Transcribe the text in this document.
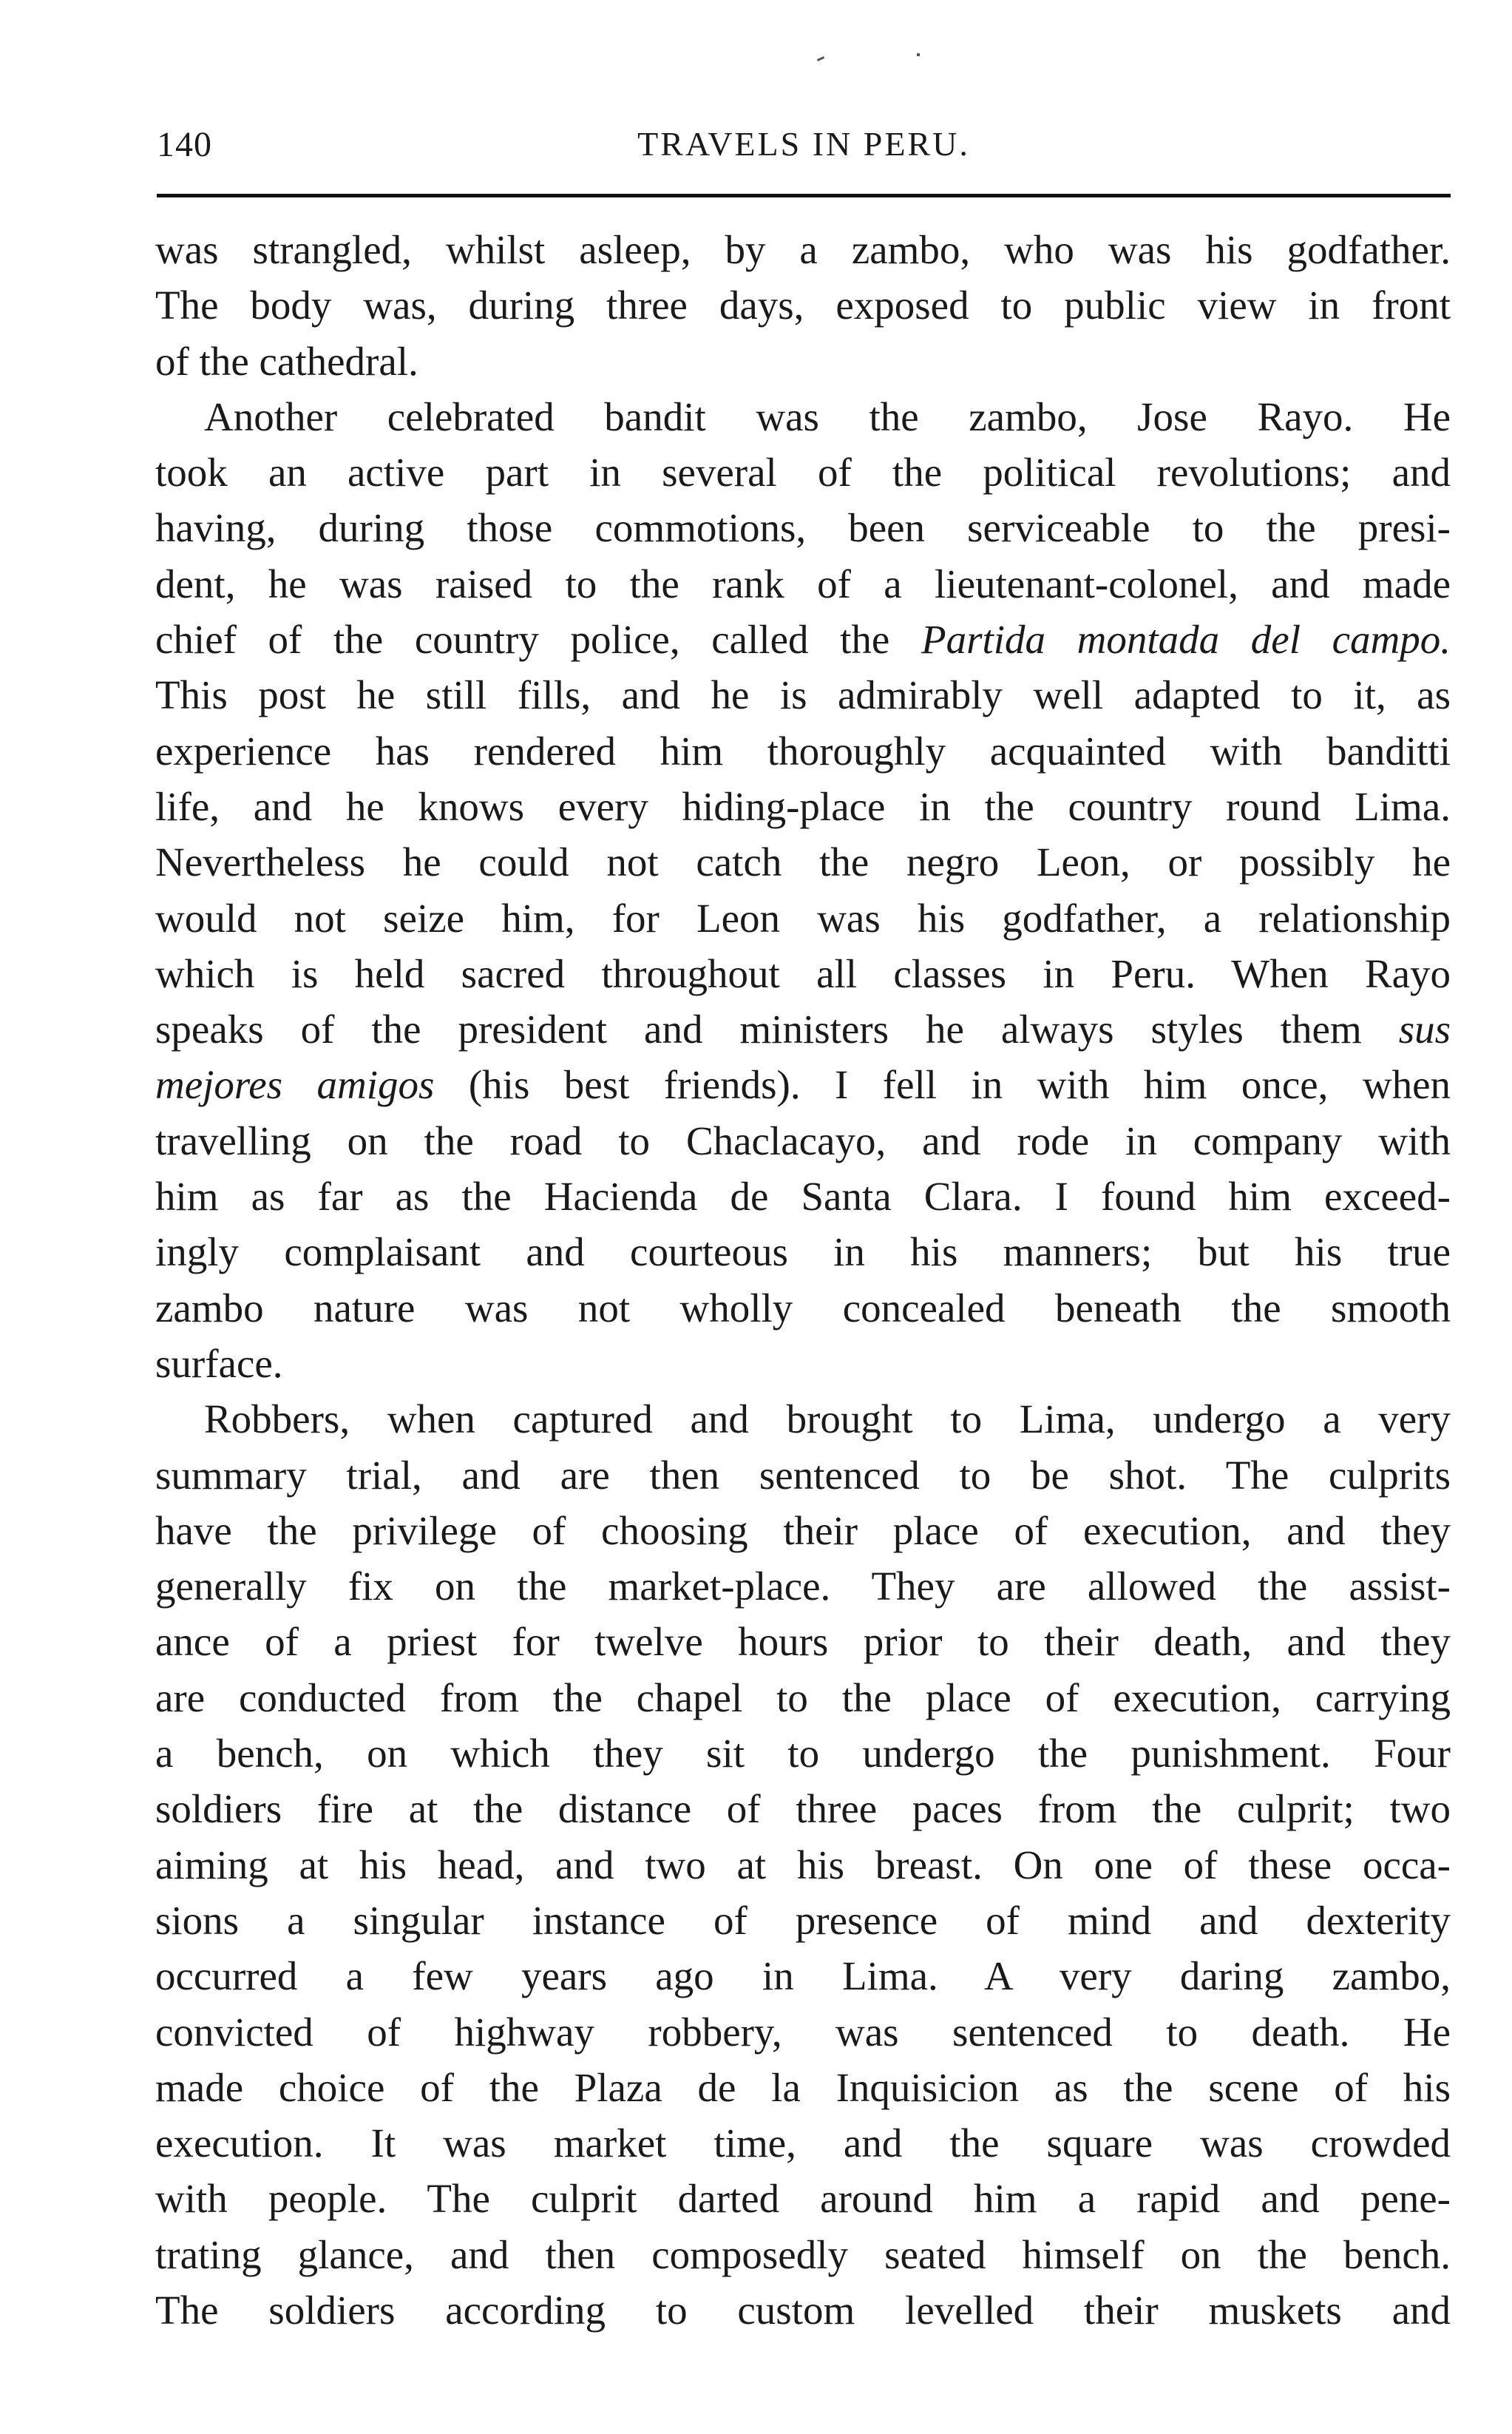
140	TRAVELS IN PERU.
was strangled, whilst asleep, by a zambo, who was his godfather.
The body was, during three days, exposed to public view in front
of the cathedral.
Another celebrated bandit was the zambo, Jose Rayo. He
took an active part in several of the political revolutions; and
having, during those commotions, been serviceable to the presi-
dent, he was raised to the rank of a lieutenant-colonel, and made
chief of the country police, called the Partida montada del campo.
This post he still fills, and he is admirably well adapted to it, as
experience has rendered him thoroughly acquainted with banditti
life, and he knows every hiding-place in the country round Lima.
Nevertheless he could not catch the negro Leon, or possibly he
would not seize him, for Leon was his godfather, a relationship
which is held sacred throughout all classes in Peru. When Rayo
speaks of the president and ministers he always styles them sus
mejores amigos (his best friends). I fell in with him once, when
travelling on the road to Chaclacayo, and rode in company with
him as far as the Hacienda de Santa Clara. I found him exceed-
ingly complaisant and courteous in his manners; but his true
zambo nature was not wholly concealed beneath the smooth
surface.
Robbers, when captured and brought to Lima, undergo a very
summary trial, and are then sentenced to be shot. The culprits
have the privilege of choosing their place of execution, and they
generally fix on the market-place. They are allowed the assist-
ance of a priest for twelve hours prior to their death, and they
are conducted from the chapel to the place of execution, carrying
a bench, on which they sit to undergo the punishment. Four
soldiers fire at the distance of three paces from the culprit; two
aiming at his head, and two at his breast. On one of these occa-
sions a singular instance of presence of mind and dexterity
occurred a few years ago in Lima. A very daring zambo,
convicted of highway robbery, was sentenced to death. He
made choice of the Plaza de la Inquisicion as the scene of his
execution. It was market time, and the square was crowded
with people. The culprit darted around him a rapid and pene-
trating glance, and then composedly seated himself on the bench.
The soldiers according to custom levelled their muskets and
